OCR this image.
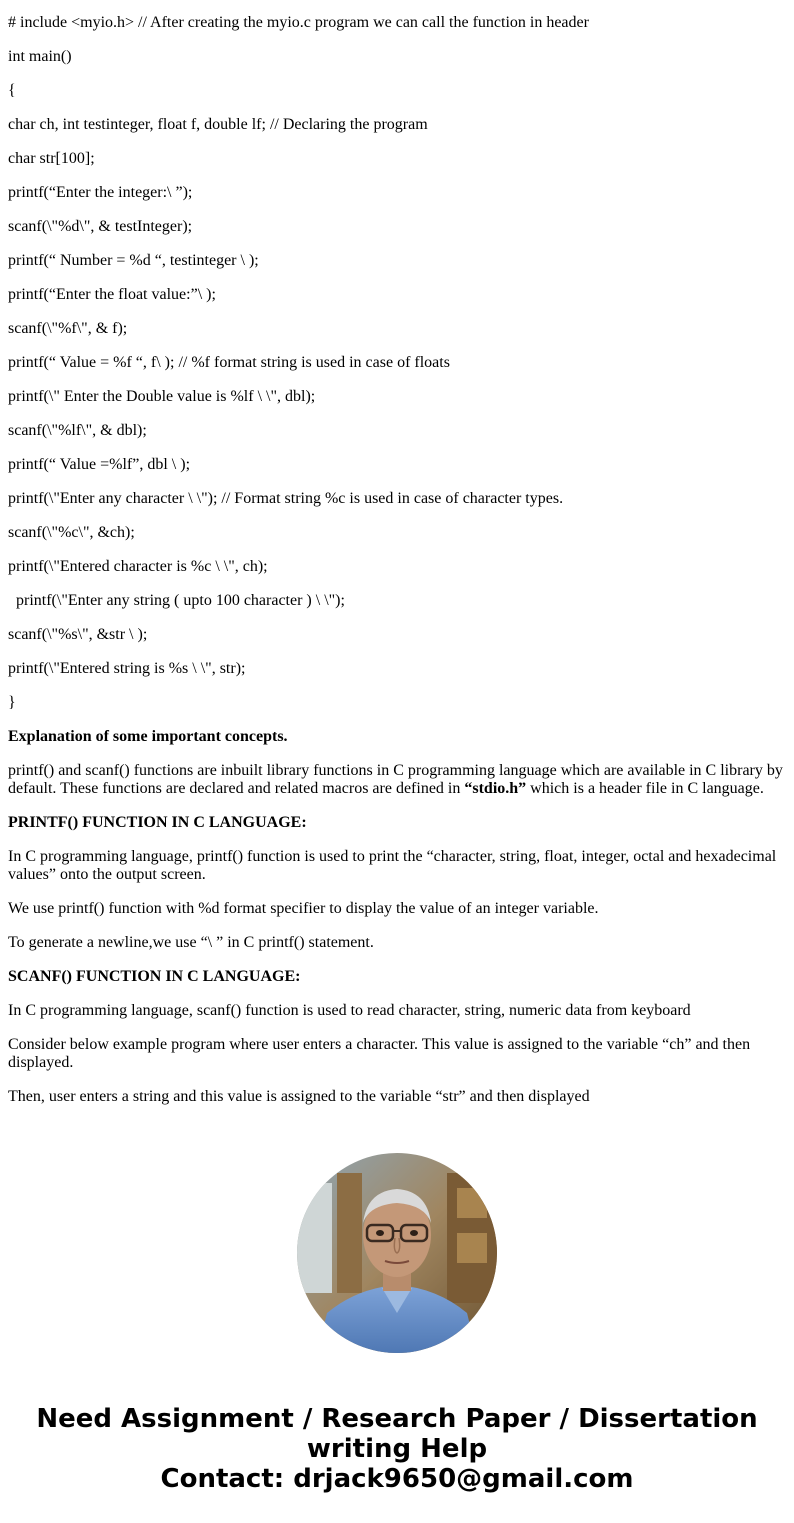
# include <myio.h> // After creating the myio.c program we can call the function in header

int main()

{

char ch, int testinteger, float f, double lf; // Declaring the program

char str[100];

printf(“Enter the integer:\ ”);

scanf(\"%d\", & testInteger);

printf(“ Number = %d “, testinteger \ );

printf(“Enter the float value:”\ );

scanf(\"%f\", & f);

printf(“ Value = %f “, f\ ); // %f format string is used in case of floats

printf(\" Enter the Double value is %lf \ \", dbl);

scanf(\"%lf\", & dbl);

printf(“ Value =%lf”, dbl \ );

printf(\"Enter any character \ \"); // Format string %c is used in case of character types.

scanf(\"%c\", &ch);

printf(\"Entered character is %c \ \", ch);

printf(\"Enter any string ( upto 100 character ) \ \");

scanf(\"%s\", &str \ );

printf(\"Entered string is %s \ \", str);

}

Explanation of some important concepts.

printf() and scanf() functions are inbuilt library functions in C programming language which are available in C library by default. These functions are declared and related macros are defined in “stdio.h” which is a header file in C language.

PRINTF() FUNCTION IN C LANGUAGE:

In C programming language, printf() function is used to print the “character, string, float, integer, octal and hexadecimal values” onto the output screen.

We use printf() function with %d format specifier to display the value of an integer variable.

To generate a newline,we use “\ ” in C printf() statement.

SCANF() FUNCTION IN C LANGUAGE:

In C programming language, scanf() function is used to read character, string, numeric data from keyboard

Consider below example program where user enters a character. This value is assigned to the variable “ch” and then displayed.

Then, user enters a string and this value is assigned to the variable “str” and then displayed

Need Assignment / Research Paper / Dissertation
writing Help
Contact: drjack9650@gmail.com
